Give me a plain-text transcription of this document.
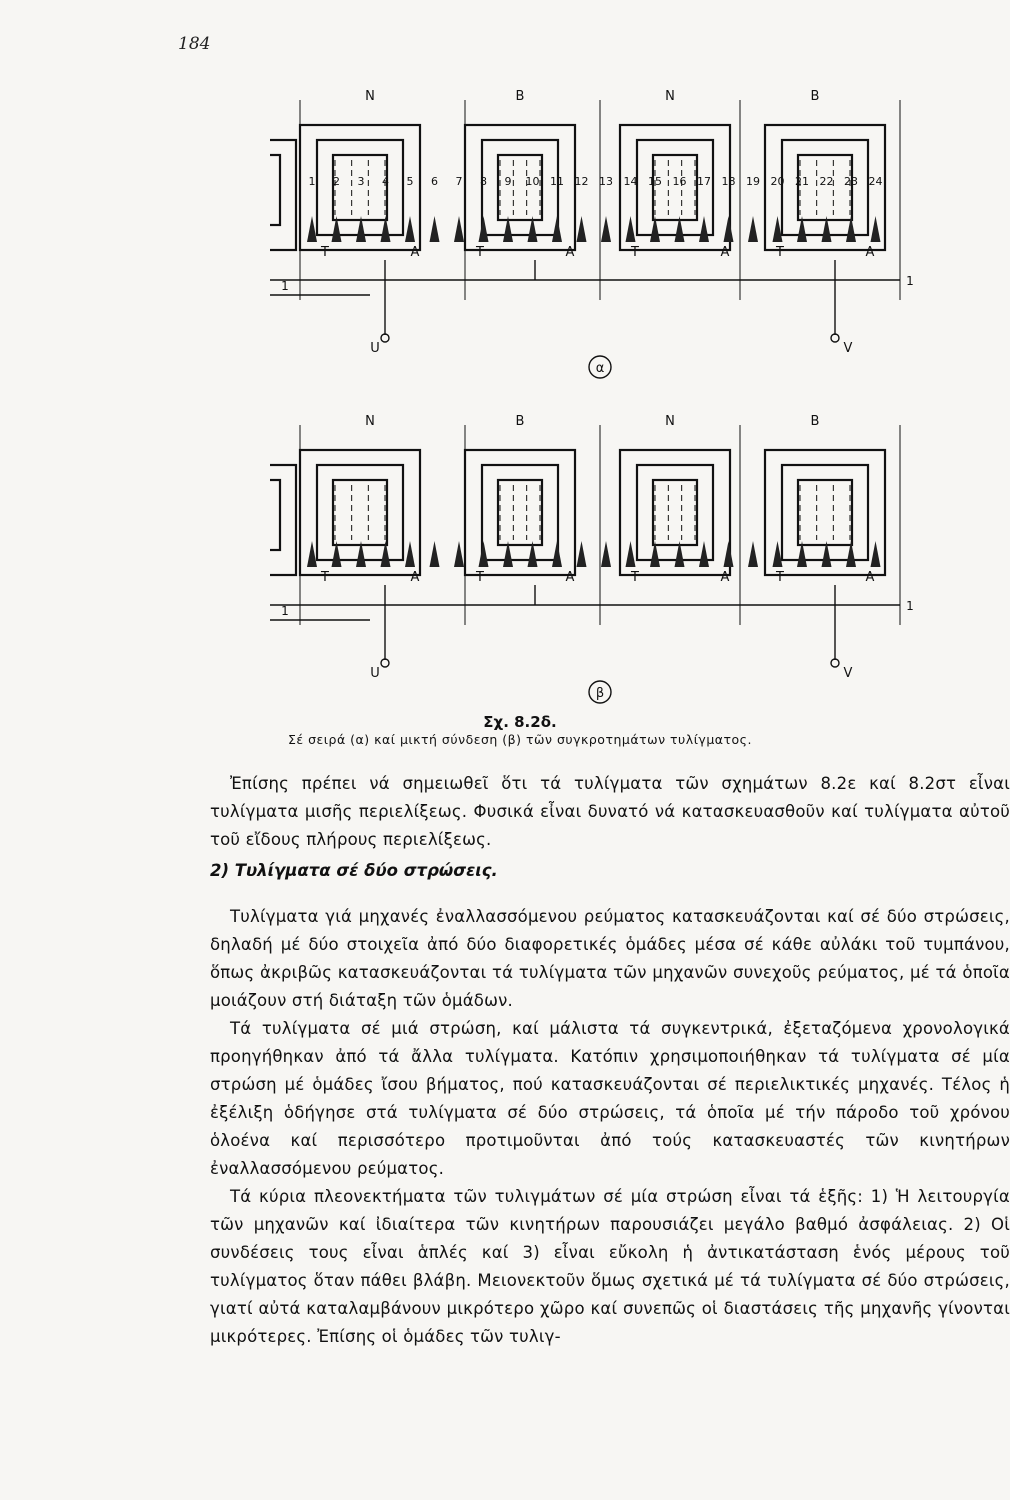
184
N	B	N	B
1 2 3 4 5 6 7 8 9 10 11 12 13 14 15 16 17 18 19 20 21 22 23 24
T	A	T	A	T	A	T	A
U	V
1	1
α
N	B	N	B
T	A	T	A	T	A	T	A
U	V
1	1
β
Σχ. 8.2δ.
Σέ σειρά (α) καί μικτή σύνδεση (β) τῶν συγκροτημάτων τυλίγματος.

Ἐπίσης πρέπει νά σημειωθεῖ ὅτι τά τυλίγματα τῶν σχημάτων 8.2ε καί 8.2στ εἶναι τυλίγματα μισῆς περιελίξεως. Φυσικά εἶναι δυνατό νά κατασκευασθοῦν καί τυλίγματα αὐτοῦ τοῦ εἴδους πλήρους περιελίξεως.

2) Τυλίγματα σέ δύο στρώσεις.

Τυλίγματα γιά μηχανές ἐναλλασσόμενου ρεύματος κατασκευάζονται καί σέ δύο στρώσεις, δηλαδή μέ δύο στοιχεῖα ἀπό δύο διαφορετικές ὁμάδες μέσα σέ κάθε αὐλάκι τοῦ τυμπάνου, ὅπως ἀκριβῶς κατασκευάζονται τά τυλίγματα τῶν μηχανῶν συνεχοῦς ρεύματος, μέ τά ὁποῖα μοιάζουν στή διάταξη τῶν ὁμάδων.

Τά τυλίγματα σέ μιά στρώση, καί μάλιστα τά συγκεντρικά, ἐξεταζόμενα χρονολογικά προηγήθηκαν ἀπό τά ἄλλα τυλίγματα. Κατόπιν χρησιμοποιήθηκαν τά τυλίγματα σέ μία στρώση μέ ὁμάδες ἴσου βήματος, πού κατασκευάζονται σέ περιελικτικές μηχανές. Τέλος ἡ ἐξέλιξη ὁδήγησε στά τυλίγματα σέ δύο στρώσεις, τά ὁποῖα μέ τήν πάροδο τοῦ χρόνου ὁλοένα καί περισσότερο προτιμοῦνται ἀπό τούς κατασκευαστές τῶν κινητήρων ἐναλλασσόμενου ρεύματος.

Τά κύρια πλεονεκτήματα τῶν τυλιγμάτων σέ μία στρώση εἶναι τά ἑξῆς: 1) Ἡ λειτουργία τῶν μηχανῶν καί ἰδιαίτερα τῶν κινητήρων παρουσιάζει μεγάλο βαθμό ἀσφάλειας. 2) Οἱ συνδέσεις τους εἶναι ἁπλές καί 3) εἶναι εὔκολη ἡ ἀντικατάσταση ἑνός μέρους τοῦ τυλίγματος ὅταν πάθει βλάβη. Μειονεκτοῦν ὅμως σχετικά μέ τά τυλίγματα σέ δύο στρώσεις, γιατί αὐτά καταλαμβάνουν μικρότερο χῶρο καί συνεπῶς οἱ διαστάσεις τῆς μηχανῆς γίνονται μικρότερες. Ἐπίσης οἱ ὁμάδες τῶν τυλιγ-
